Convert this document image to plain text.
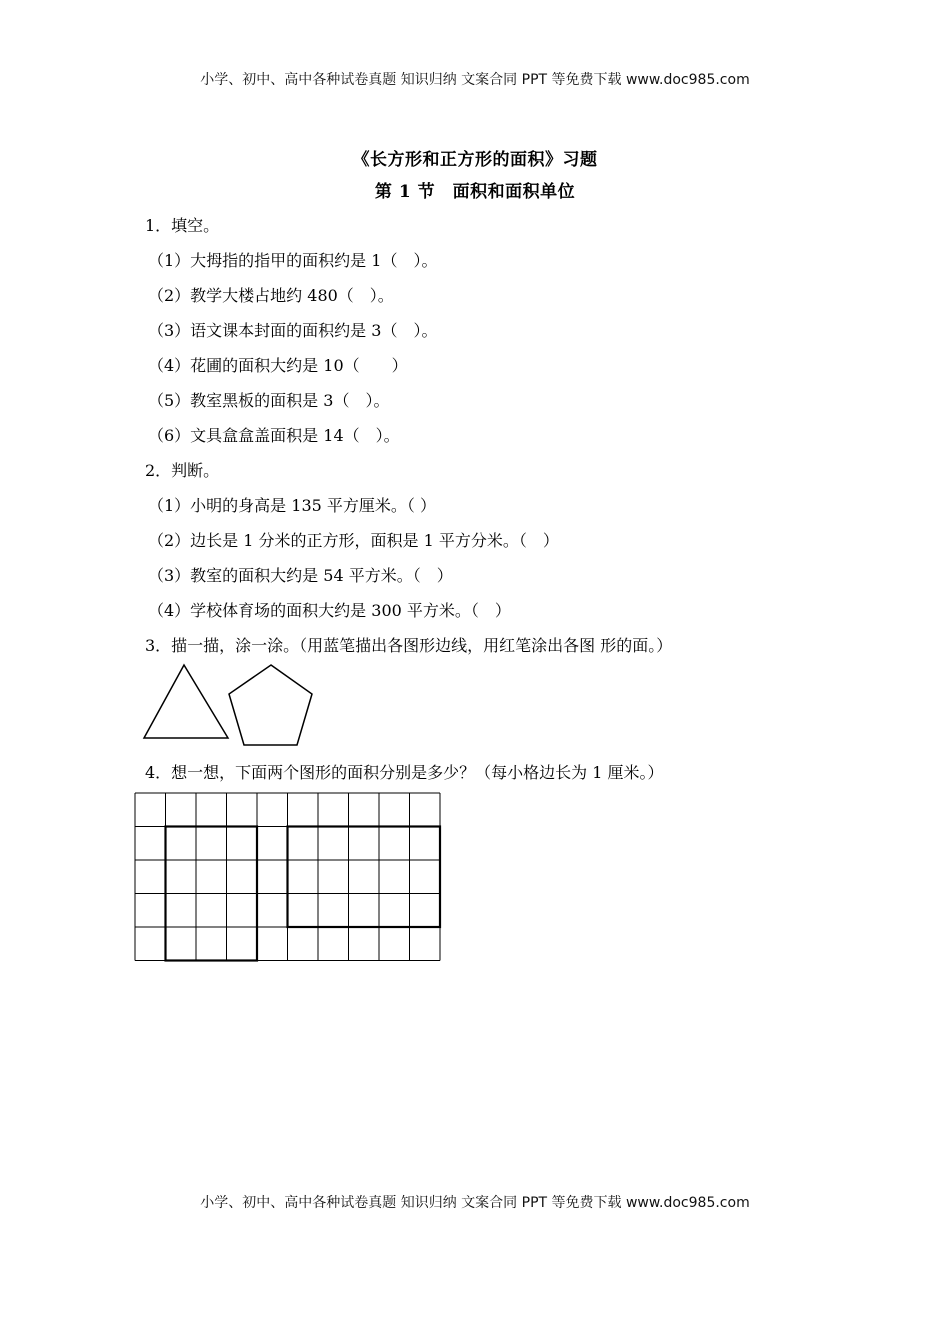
小学、初中、高中各种试卷真题 知识归纳 文案合同 PPT 等免费下载 www.doc985.com
《长方形和正方形的面积》习题
第 1 节　面积和面积单位
1．填空。
（1）大拇指的指甲的面积约是 1（　）。
（2）教学大楼占地约 480（　）。
（3）语文课本封面的面积约是 3（　）。
（4）花圃的面积大约是 10（　　）
（5）教室黑板的面积是 3（　）。
（6）文具盒盒盖面积是 14（　）。
2．判断。
（1）小明的身高是 135 平方厘米。（ ）
（2）边长是 1 分米的正方形，面积是 1 平方分米。（　）
（3）教室的面积大约是 54 平方米。（　）
（4）学校体育场的面积大约是 300 平方米。（　）
3．描一描，涂一涂。（用蓝笔描出各图形边线，用红笔涂出各图 形的面。）
4．想一想，下面两个图形的面积分别是多少？（每小格边长为 1 厘米。）
小学、初中、高中各种试卷真题 知识归纳 文案合同 PPT 等免费下载 www.doc985.com
